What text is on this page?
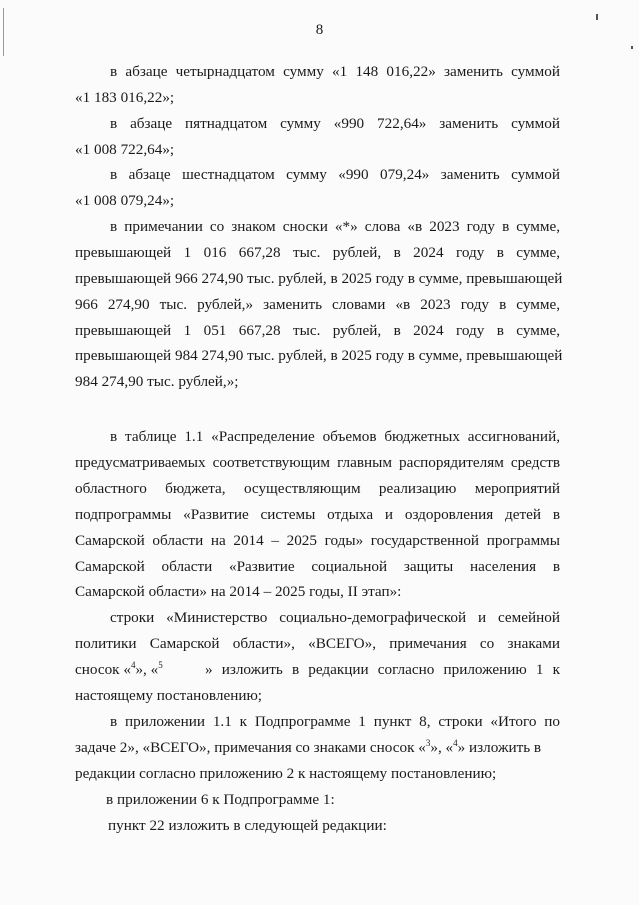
8
в абзаце четырнадцатом сумму «1 148 016,22» заменить суммой
«1 183 016,22»;
в абзаце пятнадцатом сумму «990 722,64» заменить суммой
«1 008 722,64»;
в абзаце шестнадцатом сумму «990 079,24» заменить суммой
«1 008 079,24»;
в примечании со знаком сноски «*» слова «в 2023 году в сумме,
превышающей 1 016 667,28 тыс. рублей, в 2024 году в сумме,
превышающей 966 274,90 тыс. рублей, в 2025 году в сумме, превышающей
966 274,90 тыс. рублей,» заменить словами «в 2023 году в сумме,
превышающей 1 051 667,28 тыс. рублей, в 2024 году в сумме,
превышающей 984 274,90 тыс. рублей, в 2025 году в сумме, превышающей
984 274,90 тыс. рублей,»;
в таблице 1.1 «Распределение объемов бюджетных ассигнований,
предусматриваемых соответствующим главным распорядителям средств
областного бюджета, осуществляющим реализацию мероприятий
подпрограммы «Развитие системы отдыха и оздоровления детей в
Самарской области на 2014 – 2025 годы» государственной программы
Самарской области «Развитие социальной защиты населения в
Самарской области» на 2014 – 2025 годы, II этап»:
строки «Министерство социально-демографической и семейной
политики Самарской области», «ВСЕГО», примечания со знаками
сносок «$^4$», «$^5$	» изложить в редакции согласно приложению 1 к
настоящему постановлению;
в приложении 1.1 к Подпрограмме 1 пункт 8, строки «Итого по
задаче 2», «ВСЕГО», примечания со знаками сносок «$^3$», «$^4$» изложить в
редакции согласно приложению 2 к настоящему постановлению;
в приложении 6 к Подпрограмме 1:
пункт 22 изложить в следующей редакции:
